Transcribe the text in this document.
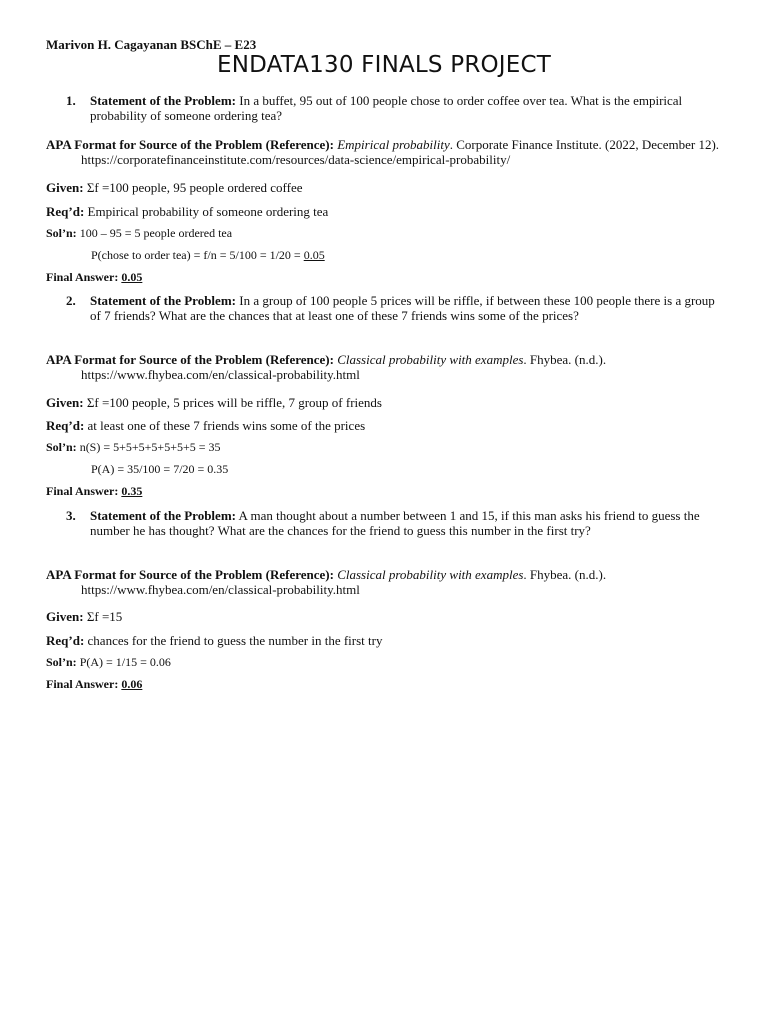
Marivon H. Cagayanan BSChE – E23

ENDATA130 FINALS PROJECT
1.	Statement of the Problem: In a buffet, 95 out of 100 people chose to order coffee over tea. What is the empirical probability of someone ordering tea?
APA Format for Source of the Problem (Reference): Empirical probability. Corporate Finance Institute. (2022, December 12). https://corporatefinanceinstitute.com/resources/data-science/empirical-probability/
Given: Σf =100 people, 95 people ordered coffee
Req’d: Empirical probability of someone ordering tea
Sol’n: 100 – 95 = 5 people ordered tea
P(chose to order tea) = f/n = 5/100 = 1/20 = 0.05
Final Answer: 0.05
2.	Statement of the Problem: In a group of 100 people 5 prices will be riffle, if between these 100 people there is a group of 7 friends? What are the chances that at least one of these 7 friends wins some of the prices?
APA Format for Source of the Problem (Reference): Classical probability with examples. Fhybea. (n.d.). https://www.fhybea.com/en/classical-probability.html
Given: Σf =100 people, 5 prices will be riffle, 7 group of friends
Req’d: at least one of these 7 friends wins some of the prices
Sol’n: n(S) = 5+5+5+5+5+5+5 = 35
P(A) = 35/100 = 7/20 = 0.35
Final Answer: 0.35
3.	Statement of the Problem: A man thought about a number between 1 and 15, if this man asks his friend to guess the number he has thought? What are the chances for the friend to guess this number in the first try?
APA Format for Source of the Problem (Reference): Classical probability with examples. Fhybea. (n.d.). https://www.fhybea.com/en/classical-probability.html
Given: Σf =15
Req’d: chances for the friend to guess the number in the first try
Sol’n: P(A) = 1/15 = 0.06
Final Answer: 0.06
